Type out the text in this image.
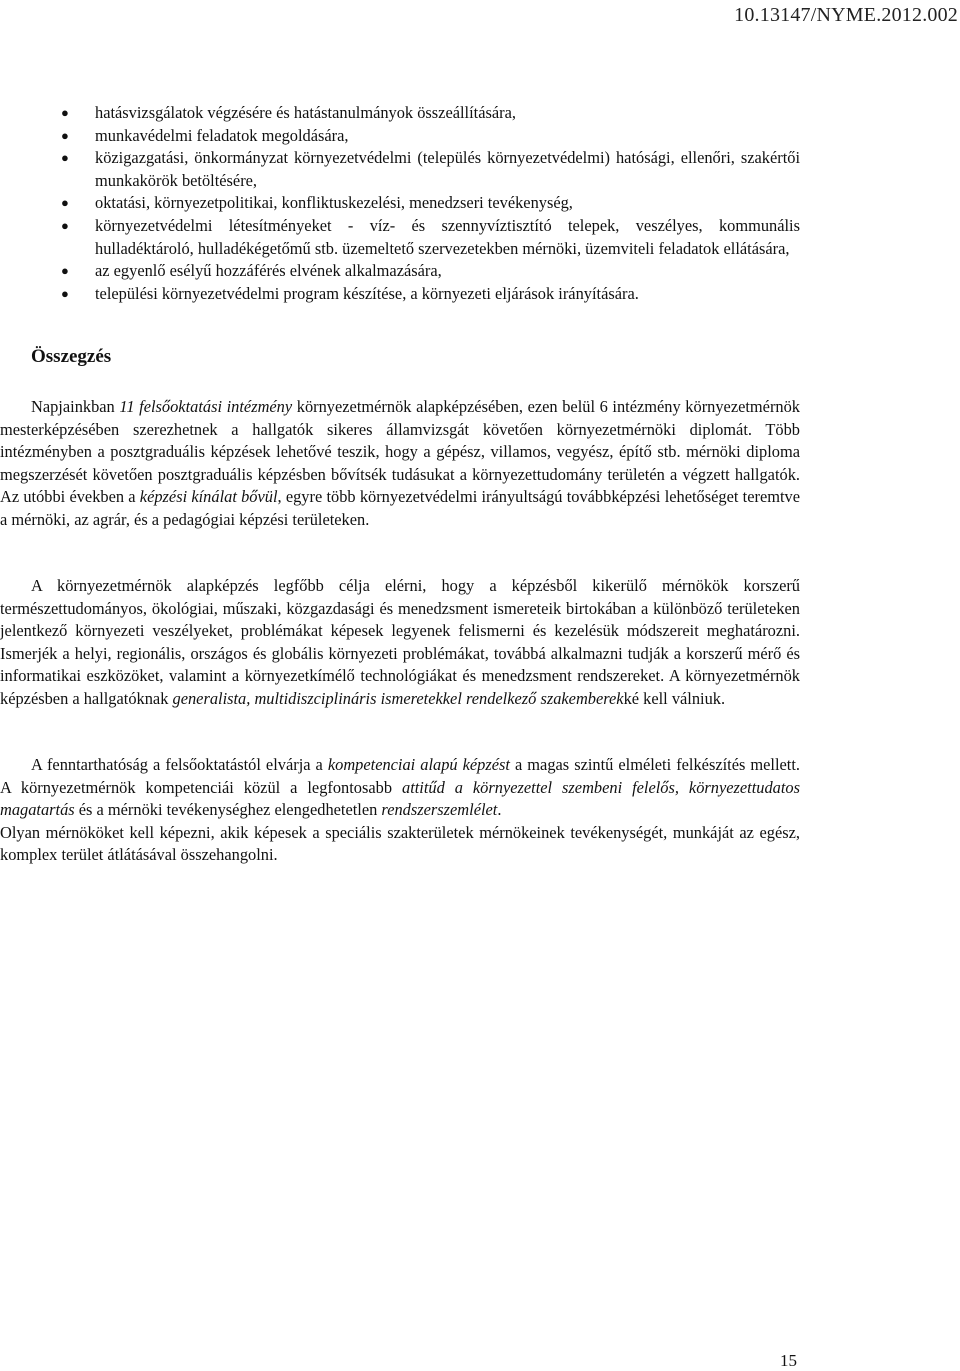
10.13147/NYME.2012.002
● hatásvizsgálatok végzésére és hatástanulmányok összeállítására,
● munkavédelmi feladatok megoldására,
● közigazgatási, önkormányzat környezetvédelmi (település környezetvédelmi) hatósági, ellenőri, szakértői munkakörök betöltésére,
● oktatási, környezetpolitikai, konfliktuskezelési, menedzseri tevékenység,
● környezetvédelmi létesítményeket - víz- és szennyvíztisztító telepek, veszélyes, kommunális hulladéktároló, hulladékégetőmű stb. üzemeltető szervezetekben mérnöki, üzemviteli feladatok ellátására,
● az egyenlő esélyű hozzáférés elvének alkalmazására,
● települési környezetvédelmi program készítése, a környezeti eljárások irányítására.
Összegzés

Napjainkban 11 felsőoktatási intézmény környezetmérnök alapképzésében, ezen belül 6 intézmény környezetmérnök mesterképzésében szerezhetnek a hallgatók sikeres államvizsgát követően környezetmérnöki diplomát. Több intézményben a posztgraduális képzések lehetővé teszik, hogy a gépész, villamos, vegyész, építő stb. mérnöki diploma megszerzését követően posztgraduális képzésben bővítsék tudásukat a környezettudomány területén a végzett hallgatók. Az utóbbi években a képzési kínálat bővül, egyre több környezetvédelmi irányultságú továbbképzési lehetőséget teremtve a mérnöki, az agrár, és a pedagógiai képzési területeken.

A környezetmérnök alapképzés legfőbb célja elérni, hogy a képzésből kikerülő mérnökök korszerű természettudományos, ökológiai, műszaki, közgazdasági és menedzsment ismereteik birtokában a különböző területeken jelentkező környezeti veszélyeket, problémákat képesek legyenek felismerni és kezelésük módszereit meghatározni. Ismerjék a helyi, regionális, országos és globális környezeti problémákat, továbbá alkalmazni tudják a korszerű mérő és informatikai eszközöket, valamint a környezetkímélő technológiákat és menedzsment rendszereket. A környezetmérnök képzésben a hallgatóknak generalista, multidiszciplináris ismeretekkel rendelkező szakemberekké kell válniuk.

A fenntarthatóság a felsőoktatástól elvárja a kompetenciai alapú képzést a magas szintű elméleti felkészítés mellett. A környezetmérnök kompetenciái közül a legfontosabb attitűd a környezettel szembeni felelős, környezettudatos magatartás és a mérnöki tevékenységhez elengedhetetlen rendszerszemlélet.

Olyan mérnököket kell képezni, akik képesek a speciális szakterületek mérnökeinek tevékenységét, munkáját az egész, komplex terület átlátásával összehangolni.

15
